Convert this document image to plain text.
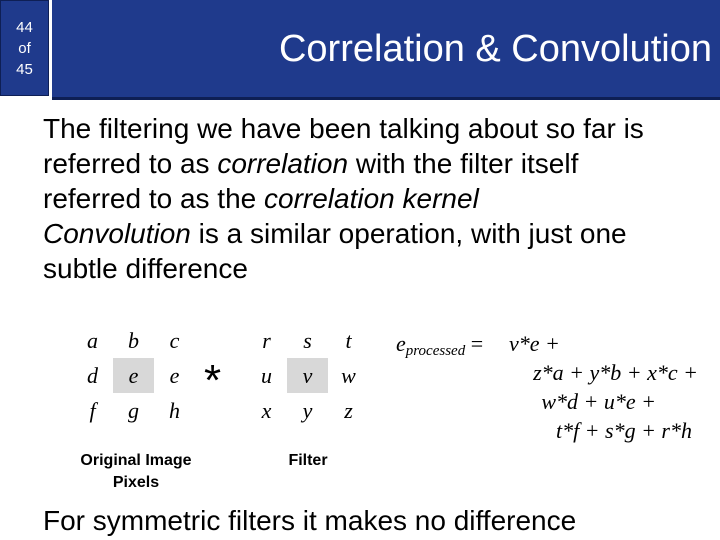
44
of
45	Correlation & Convolution

The filtering we have been talking about so far is referred to as correlation with the filter itself referred to as the correlation kernel

Convolution is a similar operation, with just one subtle difference

a	b	c
d	e	e
f	g	h
*
r	s	t
u	v	w
x	y	z
Original Image Pixels
Filter
$e_{processed} = v*e$ +
z*a + y*b + x*c +
w*d + u*e +
t*f + s*g + r*h
For symmetric filters it makes no difference
